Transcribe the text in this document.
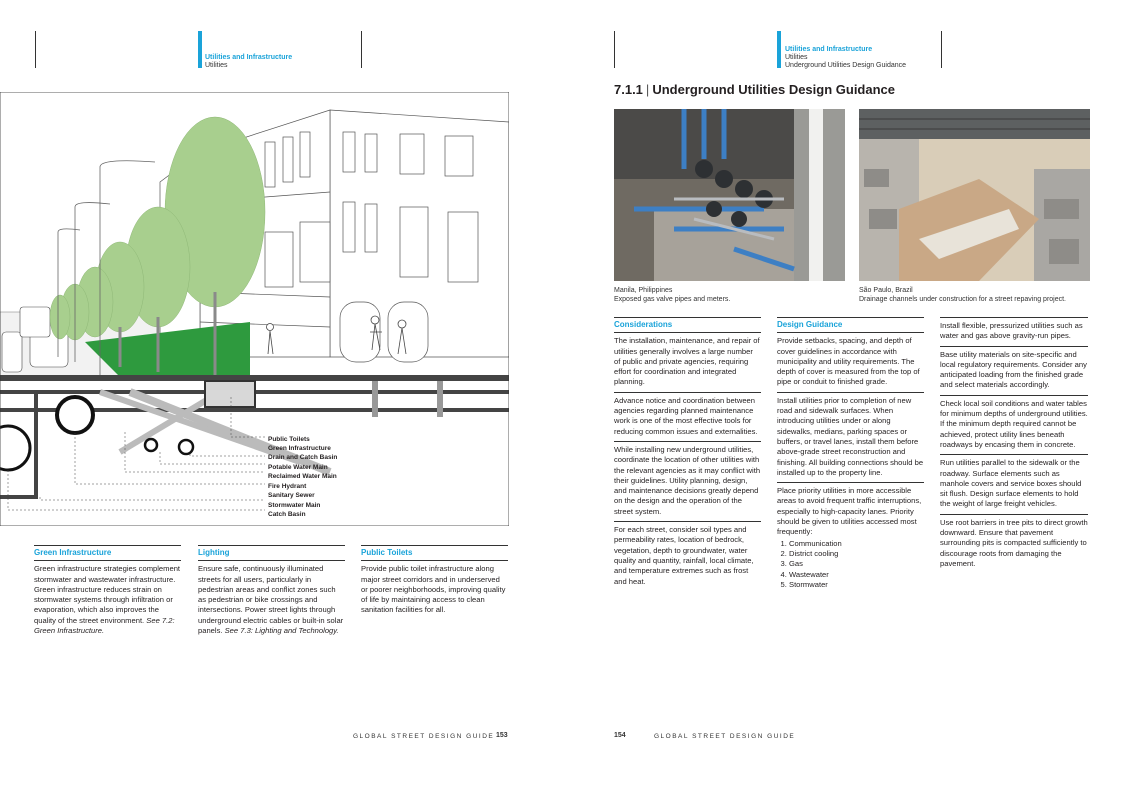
Utilities and Infrastructure
Utilities
Utilities and Infrastructure
Utilities
Underground Utilities Design Guidance
7.1.1 | Underground Utilities Design Guidance
Public Toilets
Green Infrastructure
Drain and Catch Basin
Potable Water Main
Reclaimed Water Main
Fire Hydrant
Sanitary Sewer
Stormwater Main
Catch Basin
Manila, Philippines
Exposed gas valve pipes and meters.
São Paulo, Brazil
Drainage channels under construction for a street repaving project.
Green Infrastructure

Green infrastructure strategies complement stormwater and wastewater infrastructure. Green infrastructure reduces strain on stormwater systems through infiltration or evaporation, which also improves the quality of the street environment. See 7.2: Green Infrastructure.

Lighting

Ensure safe, continuously illuminated streets for all users, particularly in pedestrian areas and conflict zones such as pedestrian or bike crossings and intersections. Power street lights through underground electric cables or built-in solar panels. See 7.3: Lighting and Technology.

Public Toilets

Provide public toilet infrastructure along major street corridors and in underserved or poorer neighborhoods, improving quality of life by maintaining access to clean sanitation facilities for all.

Considerations

The installation, maintenance, and repair of utilities generally involves a large number of public and private agencies, requiring effort for coordination and integrated planning.

Advance notice and coordination between agencies regarding planned maintenance work is one of the most effective tools for reducing common issues and externalities.

While installing new underground utilities, coordinate the location of other utilities with the relevant agencies as it may conflict with their guidelines. Utility planning, design, and maintenance decisions greatly depend on the design and the operation of the street system.

For each street, consider soil types and permeability rates, location of bedrock, vegetation, depth to groundwater, water quality and quantity, rainfall, local climate, and temperature extremes such as frost and heat.

Design Guidance

Provide setbacks, spacing, and depth of cover guidelines in accordance with municipality and utility requirements. The depth of cover is measured from the top of pipe or conduit to finished grade.

Install utilities prior to completion of new road and sidewalk surfaces. When introducing utilities under or along sidewalks, medians, parking spaces or buffers, or travel lanes, install them before above-grade street reconstruction and finishing. All building connections should be installed up to the property line.

Place priority utilities in more accessible areas to avoid frequent traffic interruptions, especially to high-capacity lanes. Priority should be given to utilities accessed most frequently:

1. Communication
2. District cooling
3. Gas
4. Wastewater
5. Stormwater

Install flexible, pressurized utilities such as water and gas above gravity-run pipes.

Base utility materials on site-specific and local regulatory requirements. Consider any anticipated loading from the finished grade and select materials accordingly.

Check local soil conditions and water tables for minimum depths of underground utilities. If the minimum depth required cannot be achieved, protect utility lines beneath roadways by encasing them in concrete.

Run utilities parallel to the sidewalk or the roadway. Surface elements such as manhole covers and service boxes should sit flush. Design surface elements to hold the weight of large freight vehicles.

Use root barriers in tree pits to direct growth downward. Ensure that pavement surrounding pits is compacted sufficiently to discourage roots from damaging the pavement.

GLOBAL STREET DESIGN GUIDE 153	154	GLOBAL STREET DESIGN GUIDE
